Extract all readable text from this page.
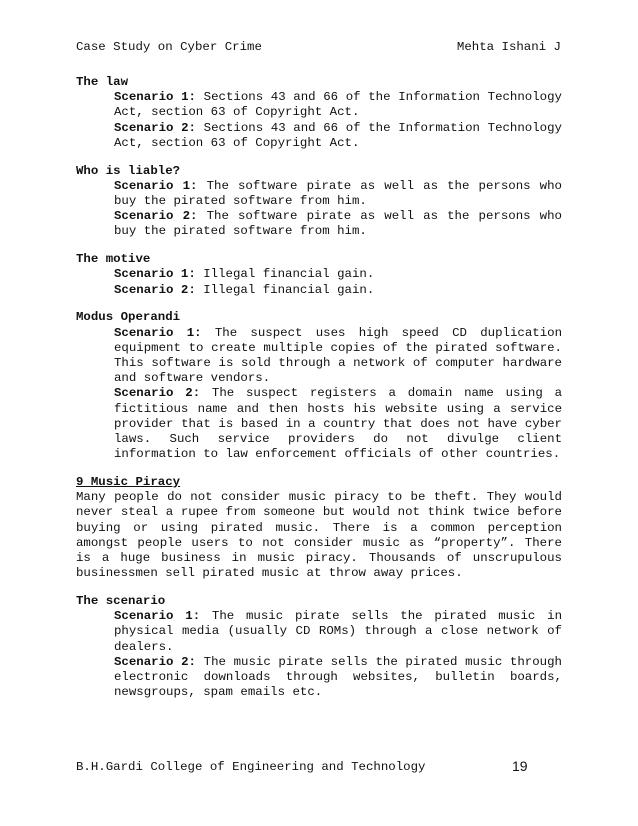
Case Study on Cyber Crime	Mehta Ishani J
The law
Scenario 1: Sections 43 and 66 of the Information Technology Act, section 63 of Copyright Act.
Scenario 2: Sections 43 and 66 of the Information Technology Act, section 63 of Copyright Act.
Who is liable?
Scenario 1: The software pirate as well as the persons who buy the pirated software from him.
Scenario 2: The software pirate as well as the persons who buy the pirated software from him.
The motive
Scenario 1: Illegal financial gain.
Scenario 2: Illegal financial gain.
Modus Operandi
Scenario 1: The suspect uses high speed CD duplication equipment to create multiple copies of the pirated software. This software is sold through a network of computer hardware and software vendors.
Scenario 2: The suspect registers a domain name using a fictitious name and then hosts his website using a service provider that is based in a country that does not have cyber laws. Such service providers do not divulge client information to law enforcement officials of other countries.
9 Music Piracy
Many people do not consider music piracy to be theft. They would never steal a rupee from someone but would not think twice before buying or using pirated music. There is a common perception amongst people users to not consider music as “property”. There is a huge business in music piracy. Thousands of unscrupulous businessmen sell pirated music at throw away prices.
The scenario
Scenario 1: The music pirate sells the pirated music in physical media (usually CD ROMs) through a close network of dealers.
Scenario 2: The music pirate sells the pirated music through electronic downloads through websites, bulletin boards, newsgroups, spam emails etc.
B.H.Gardi College of Engineering and Technology	19
